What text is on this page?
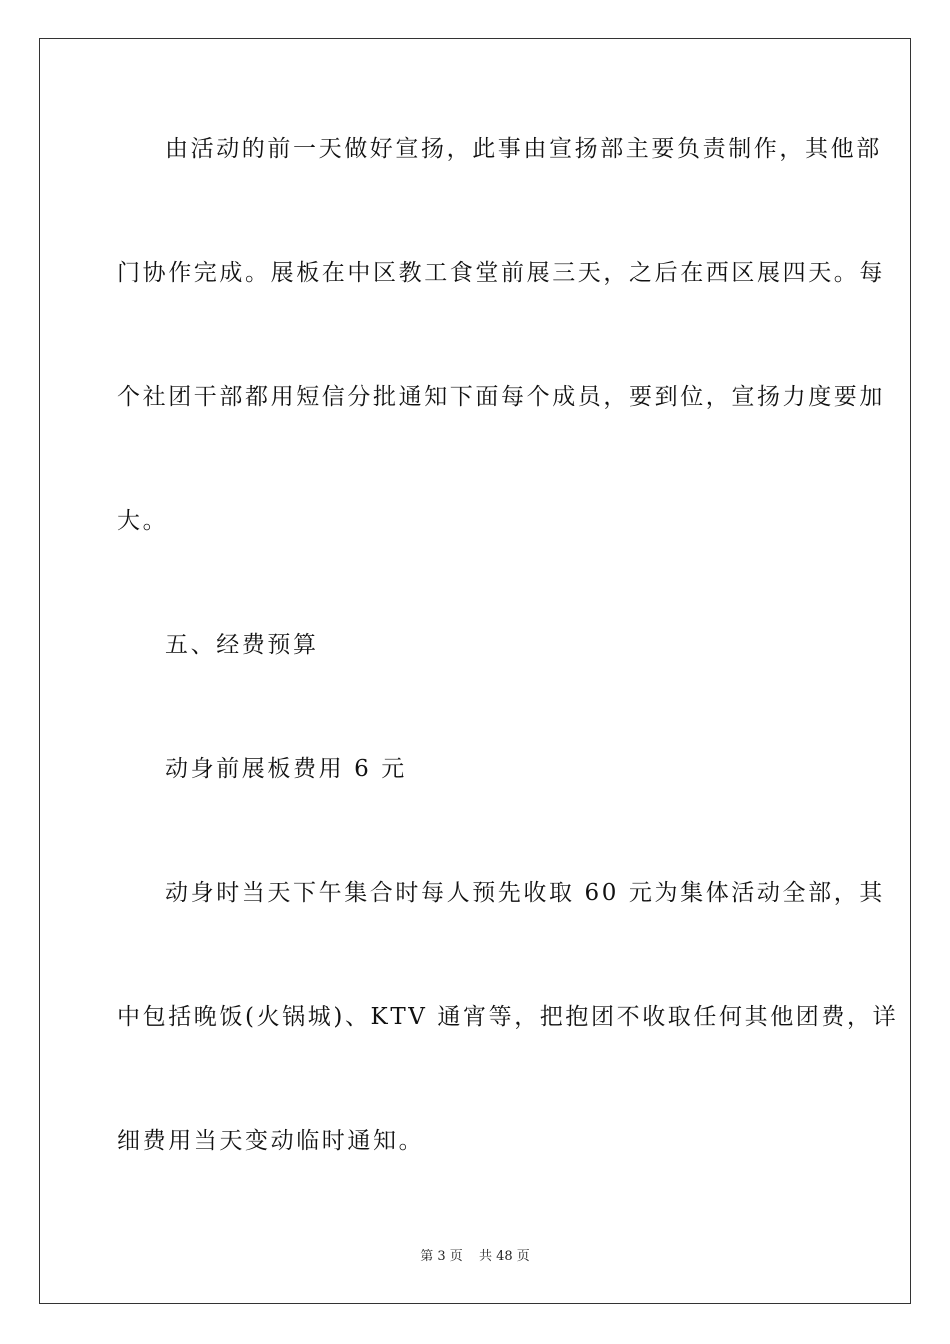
由活动的前一天做好宣扬，此事由宣扬部主要负责制作，其他部
门协作完成。展板在中区教工食堂前展三天，之后在西区展四天。每
个社团干部都用短信分批通知下面每个成员，要到位，宣扬力度要加
大。
五、经费预算
动身前展板费用 6 元
动身时当天下午集合时每人预先收取 60 元为集体活动全部，其
中包括晚饭(火锅城)、KTV 通宵等，把抱团不收取任何其他团费，详
细费用当天变动临时通知。
第 3 页 共 48 页
